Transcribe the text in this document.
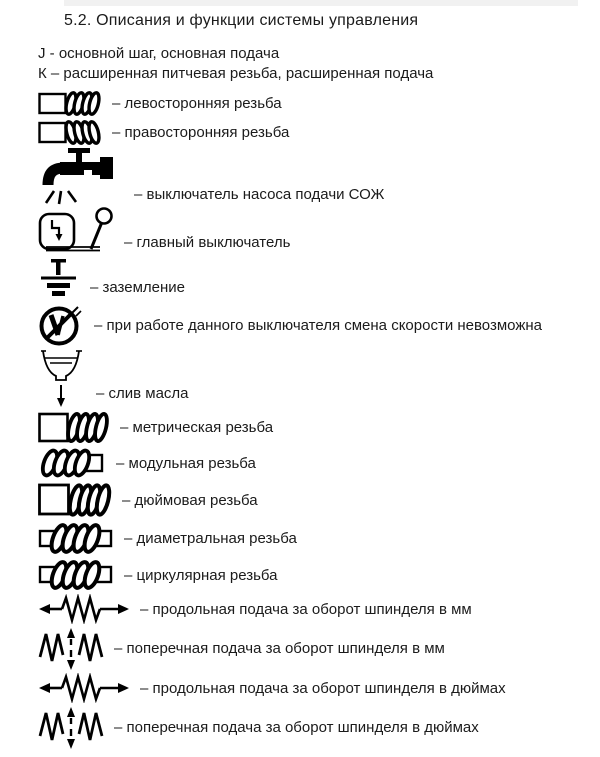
5.2. Описания и функции системы управления

J - основной шаг, основная подача

К – расширенная питчевая резьба, расширенная подача

– левосторонняя резьба
– правосторонняя резьба
– выключатель насоса подачи СОЖ
– главный выключатель
– заземление
– при работе данного выключателя смена скорости невозможна
– слив масла
– метрическая резьба
– модульная резьба
– дюймовая резьба
– диаметральная резьба
– циркулярная резьба
– продольная подача за оборот шпинделя в мм
– поперечная подача за оборот шпинделя в мм
– продольная подача за оборот шпинделя в дюймах
– поперечная подача за оборот шпинделя в дюймах
